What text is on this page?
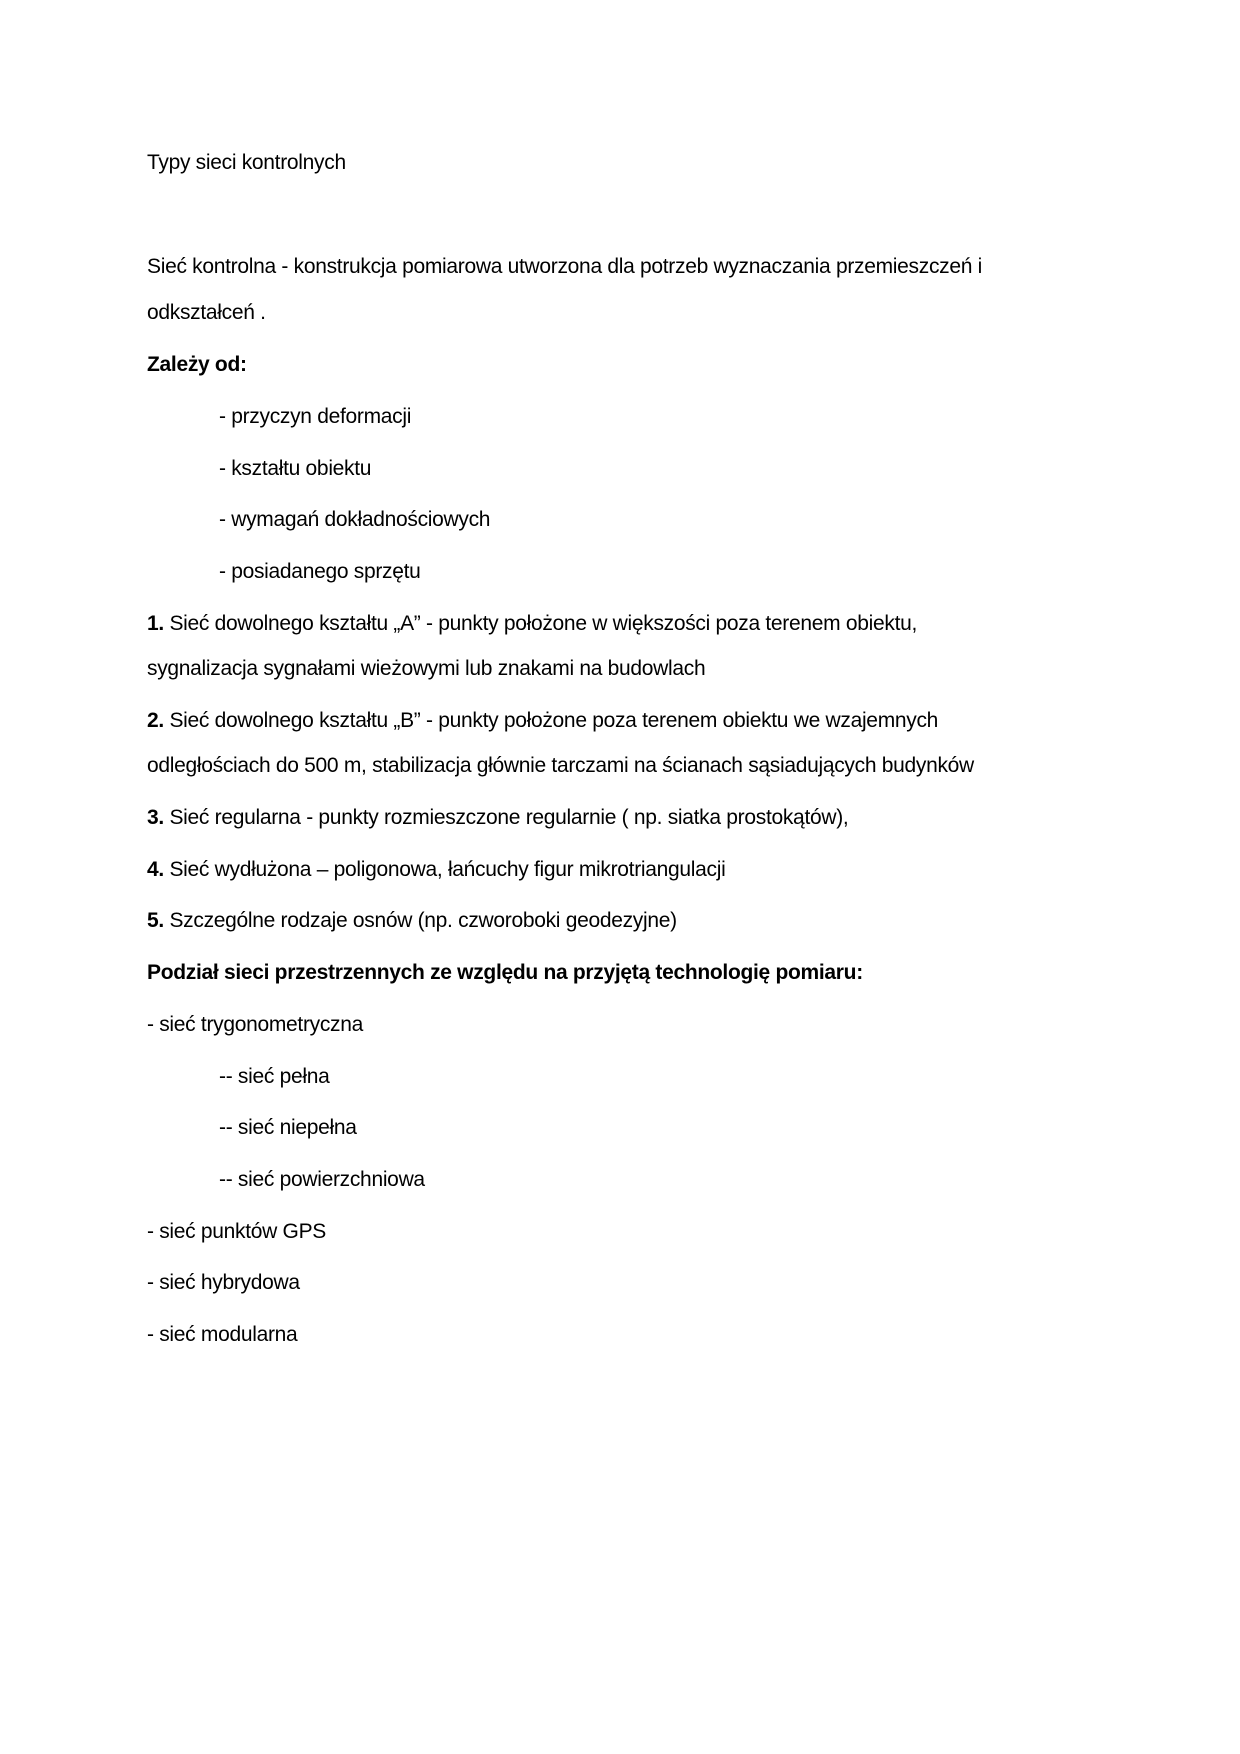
Typy sieci kontrolnych
Sieć kontrolna - konstrukcja pomiarowa utworzona dla potrzeb wyznaczania przemieszczeń i
odkształceń .
Zależy od:
- przyczyn deformacji
- kształtu obiektu
- wymagań dokładnościowych
- posiadanego sprzętu
1. Sieć dowolnego kształtu „A” - punkty położone w większości poza terenem obiektu,
sygnalizacja sygnałami wieżowymi lub znakami na budowlach
2. Sieć dowolnego kształtu „B” - punkty położone poza terenem obiektu we wzajemnych
odległościach do 500 m, stabilizacja głównie tarczami na ścianach sąsiadujących budynków
3. Sieć regularna - punkty rozmieszczone regularnie ( np. siatka prostokątów),
4. Sieć wydłużona – poligonowa, łańcuchy figur mikrotriangulacji
5. Szczególne rodzaje osnów (np. czworoboki geodezyjne)
Podział sieci przestrzennych ze względu na przyjętą technologię pomiaru:
- sieć trygonometryczna
-- sieć pełna
-- sieć niepełna
-- sieć powierzchniowa
- sieć punktów GPS
- sieć hybrydowa
- sieć modularna
